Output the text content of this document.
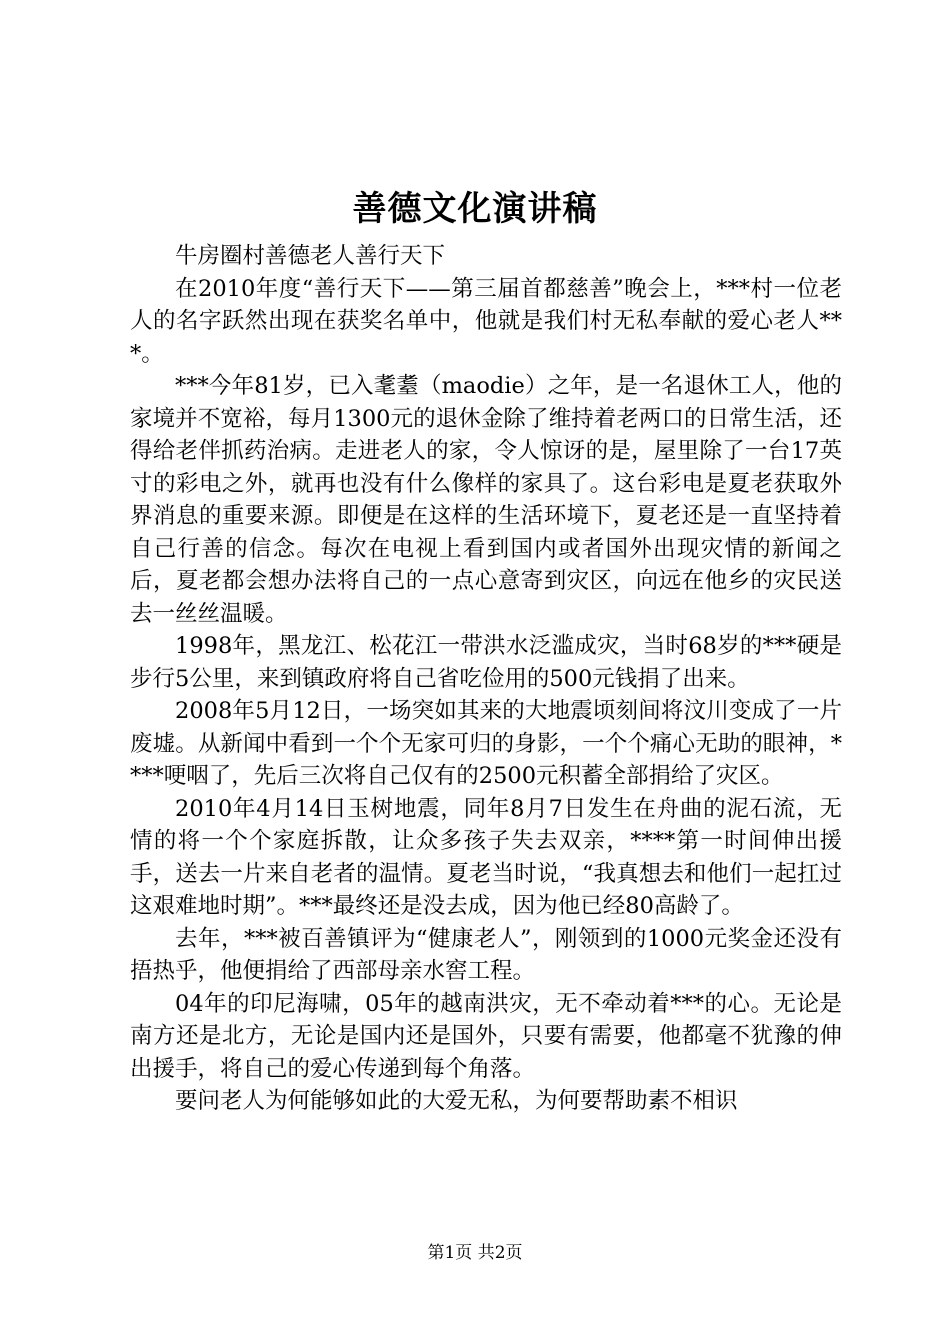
善德文化演讲稿

牛房圈村善德老人善行天下

在2010年度“善行天下——第三届首都慈善”晚会上，***村一位老人的名字跃然出现在获奖名单中，他就是我们村无私奉献的爱心老人***。

***今年81岁，已入耄耋（maodie）之年，是一名退休工人，他的家境并不宽裕，每月1300元的退休金除了维持着老两口的日常生活，还得给老伴抓药治病。走进老人的家，令人惊讶的是，屋里除了一台17英寸的彩电之外，就再也没有什么像样的家具了。这台彩电是夏老获取外界消息的重要来源。即便是在这样的生活环境下，夏老还是一直坚持着自己行善的信念。每次在电视上看到国内或者国外出现灾情的新闻之后，夏老都会想办法将自己的一点心意寄到灾区，向远在他乡的灾民送去一丝丝温暖。

1998年，黑龙江、松花江一带洪水泛滥成灾，当时68岁的***硬是步行5公里，来到镇政府将自己省吃俭用的500元钱捐了出来。

2008年5月12日，一场突如其来的大地震顷刻间将汶川变成了一片废墟。从新闻中看到一个个无家可归的身影，一个个痛心无助的眼神，****哽咽了，先后三次将自己仅有的2500元积蓄全部捐给了灾区。

2010年4月14日玉树地震，同年8月7日发生在舟曲的泥石流，无情的将一个个家庭拆散，让众多孩子失去双亲，****第一时间伸出援手，送去一片来自老者的温情。夏老当时说，“我真想去和他们一起扛过这艰难地时期”。***最终还是没去成，因为他已经80高龄了。

去年，***被百善镇评为“健康老人”，刚领到的1000元奖金还没有捂热乎，他便捐给了西部母亲水窖工程。

04年的印尼海啸，05年的越南洪灾，无不牵动着***的心。无论是南方还是北方，无论是国内还是国外，只要有需要，他都毫不犹豫的伸出援手，将自己的爱心传递到每个角落。

要问老人为何能够如此的大爱无私，为何要帮助素不相识

第1页 共2页
